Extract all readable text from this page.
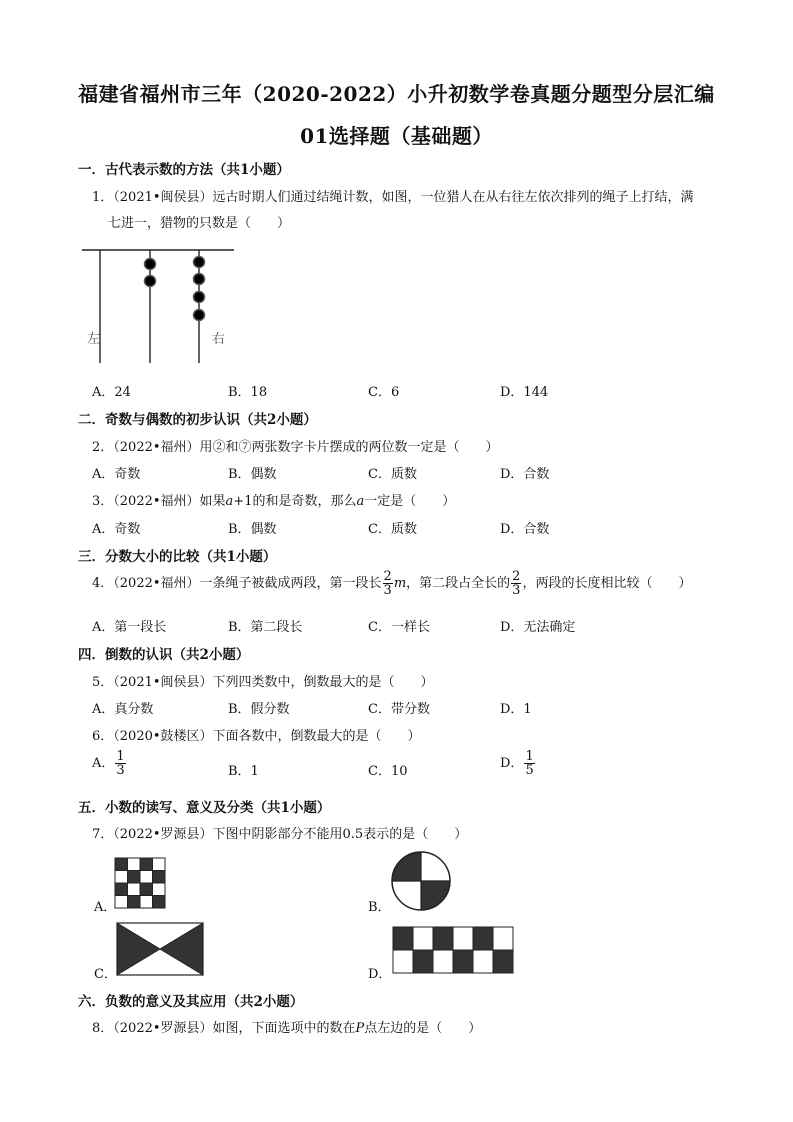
福建省福州市三年（2020-2022）小升初数学卷真题分题型分层汇编
01选择题（基础题）
一．古代表示数的方法（共1小题）
1．（2021•闽侯县）远古时期人们通过结绳计数，如图，一位猎人在从右往左依次排列的绳子上打结，满
七进一，猎物的只数是（　　）
左	右
A．24	B．18	C．6	D．144
二．奇数与偶数的初步认识（共2小题）
2．（2022•福州）用②和⑦两张数字卡片摆成的两位数一定是（　　）
A．奇数	B．偶数	C．质数	D．合数
3．（2022•福州）如果a+1的和是奇数，那么a一定是（　　）
A．奇数	B．偶数	C．质数	D．合数
三．分数大小的比较（共1小题）
4．（2022•福州）一条绳子被截成两段，第一段长 $\frac{2}{3}$ m，第二段占全长的 $\frac{2}{3}$ ，两段的长度相比较（　　）
A．第一段长	B．第二段长	C．一样长	D．无法确定
四．倒数的认识（共2小题）
5．（2021•闽侯县）下列四类数中，倒数最大的是（　　）
A．真分数	B．假分数	C．带分数	D．1
6．（2020•鼓楼区）下面各数中，倒数最大的是（　　）
A． $\frac{1}{3}$	B．1	C．10
D． $\frac{1}{5}$
五．小数的读写、意义及分类（共1小题）
7．（2022•罗源县）下图中阴影部分不能用0.5表示的是（　　）
A．	B．
C．	D．
六．负数的意义及其应用（共2小题）
8．（2022•罗源县）如图，下面选项中的数在P点左边的是（　　）
